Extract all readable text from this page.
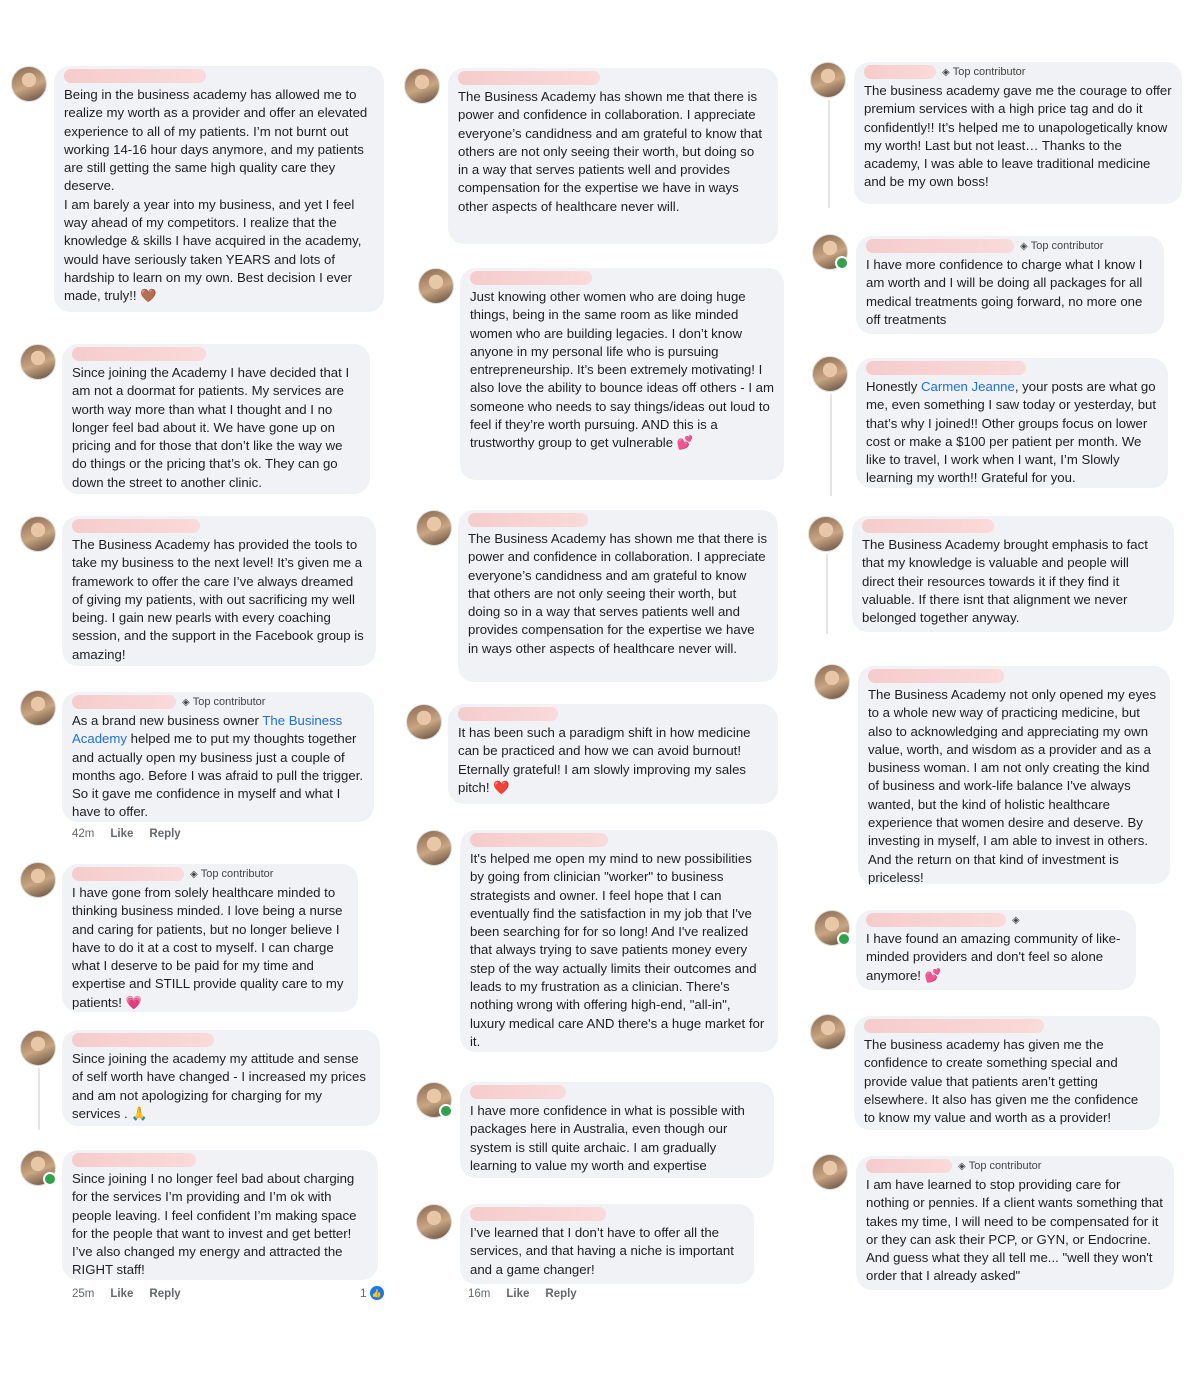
Being in the business academy has allowed me to realize my worth as a provider and offer an elevated experience to all of my patients. I’m not burnt out working 14-16 hour days anymore, and my patients are still getting the same high quality care they deserve.
I am barely a year into my business, and yet I feel way ahead of my competitors. I realize that the knowledge & skills I have acquired in the academy, would have seriously taken YEARS and lots of hardship to learn on my own. Best decision I ever made, truly!! 🤎
Since joining the Academy I have decided that I am not a doormat for patients. My services are worth way more than what I thought and I no longer feel bad about it. We have gone up on pricing and for those that don’t like the way we do things or the pricing that’s ok. They can go down the street to another clinic.
The Business Academy has provided the tools to take my business to the next level! It’s given me a framework to offer the care I’ve always dreamed of giving my patients, with out sacrificing my well being. I gain new pearls with every coaching session, and the support in the Facebook group is amazing!
◈ Top contributor
As a brand new business owner The Business Academy helped me to put my thoughts together and actually open my business just a couple of months ago. Before I was afraid to pull the trigger. So it gave me confidence in myself and what I have to offer.
42m Like Reply
◈ Top contributor
I have gone from solely healthcare minded to thinking business minded. I love being a nurse and caring for patients, but no longer believe I have to do it at a cost to myself. I can charge what I deserve to be paid for my time and expertise and STILL provide quality care to my patients! 💗
Since joining the academy my attitude and sense of self worth have changed - I increased my prices and am not apologizing for charging for my services . 🙏
Since joining I no longer feel bad about charging for the services I’m providing and I’m ok with people leaving. I feel confident I’m making space for the people that want to invest and get better! I’ve also changed my energy and attracted the RIGHT staff!
25m Like Reply	1 👍
The Business Academy has shown me that there is power and confidence in collaboration. I appreciate everyone’s candidness and am grateful to know that others are not only seeing their worth, but doing so in a way that serves patients well and provides compensation for the expertise we have in ways other aspects of healthcare never will.
Just knowing other women who are doing huge things, being in the same room as like minded women who are building legacies. I don’t know anyone in my personal life who is pursuing entrepreneurship. It’s been extremely motivating! I also love the ability to bounce ideas off others - I am someone who needs to say things/ideas out loud to feel if they’re worth pursuing. AND this is a trustworthy group to get vulnerable 💕
The Business Academy has shown me that there is power and confidence in collaboration. I appreciate everyone’s candidness and am grateful to know that others are not only seeing their worth, but doing so in a way that serves patients well and provides compensation for the expertise we have in ways other aspects of healthcare never will.
It has been such a paradigm shift in how medicine can be practiced and how we can avoid burnout! Eternally grateful! I am slowly improving my sales pitch! ❤️
It's helped me open my mind to new possibilities by going from clinician "worker" to business strategists and owner. I feel hope that I can eventually find the satisfaction in my job that I've been searching for for so long! And I've realized that always trying to save patients money every step of the way actually limits their outcomes and leads to my frustration as a clinician. There's nothing wrong with offering high-end, "all-in", luxury medical care AND there's a huge market for it.
I have more confidence in what is possible with packages here in Australia, even though our system is still quite archaic. I am gradually learning to value my worth and expertise
I’ve learned that I don’t have to offer all the services, and that having a niche is important and a game changer!
16m Like Reply
◈ Top contributor
The business academy gave me the courage to offer premium services with a high price tag and do it confidently!! It’s helped me to unapologetically know my worth! Last but not least… Thanks to the academy, I was able to leave traditional medicine and be my own boss!
◈ Top contributor
I have more confidence to charge what I know I am worth and I will be doing all packages for all medical treatments going forward, no more one off treatments
Honestly Carmen Jeanne, your posts are what go me, even something I saw today or yesterday, but that’s why I joined!! Other groups focus on lower cost or make a $100 per patient per month. We like to travel, I work when I want, I’m Slowly learning my worth!! Grateful for you.
The Business Academy brought emphasis to fact that my knowledge is valuable and people will direct their resources towards it if they find it valuable. If there isnt that alignment we never belonged together anyway.
The Business Academy not only opened my eyes to a whole new way of practicing medicine, but also to acknowledging and appreciating my own value, worth, and wisdom as a provider and as a business woman. I am not only creating the kind of business and work-life balance I've always wanted, but the kind of holistic healthcare experience that women desire and deserve. By investing in myself, I am able to invest in others. And the return on that kind of investment is priceless!
◈
I have found an amazing community of like-minded providers and don't feel so alone anymore! 💕
The business academy has given me the confidence to create something special and provide value that patients aren’t getting elsewhere. It also has given me the confidence to know my value and worth as a provider!
◈ Top contributor
I am have learned to stop providing care for nothing or pennies. If a client wants something that takes my time, I will need to be compensated for it or they can ask their PCP, or GYN, or Endocrine. And guess what they all tell me... "well they won't order that I already asked"
